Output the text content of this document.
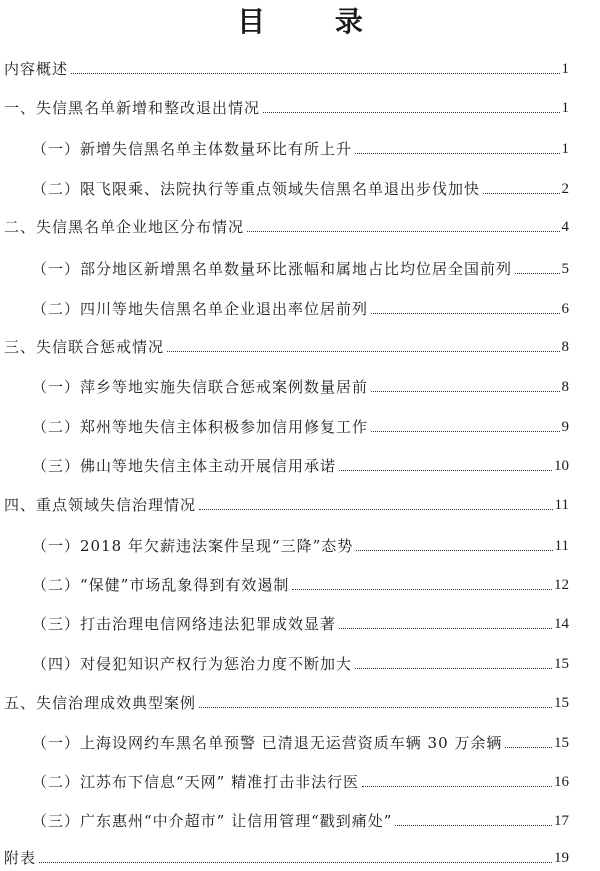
目 录
内容概述	1
一、失信黑名单新增和整改退出情况	1
（一）新增失信黑名单主体数量环比有所上升	1
（二）限飞限乘、法院执行等重点领域失信黑名单退出步伐加快	2
二、失信黑名单企业地区分布情况	4
（一）部分地区新增黑名单数量环比涨幅和属地占比均位居全国前列	5
（二）四川等地失信黑名单企业退出率位居前列	6
三、失信联合惩戒情况	8
（一）萍乡等地实施失信联合惩戒案例数量居前	8
（二）郑州等地失信主体积极参加信用修复工作	9
（三）佛山等地失信主体主动开展信用承诺	10
四、重点领域失信治理情况	11
（一）2018 年欠薪违法案件呈现“三降”态势	11
（二）“保健”市场乱象得到有效遏制	12
（三）打击治理电信网络违法犯罪成效显著	14
（四）对侵犯知识产权行为惩治力度不断加大	15
五、失信治理成效典型案例	15
（一）上海设网约车黑名单预警 已清退无运营资质车辆 30 万余辆	15
（二）江苏布下信息“天网” 精准打击非法行医	16
（三）广东惠州“中介超市” 让信用管理“戳到痛处”	17
附表	19
